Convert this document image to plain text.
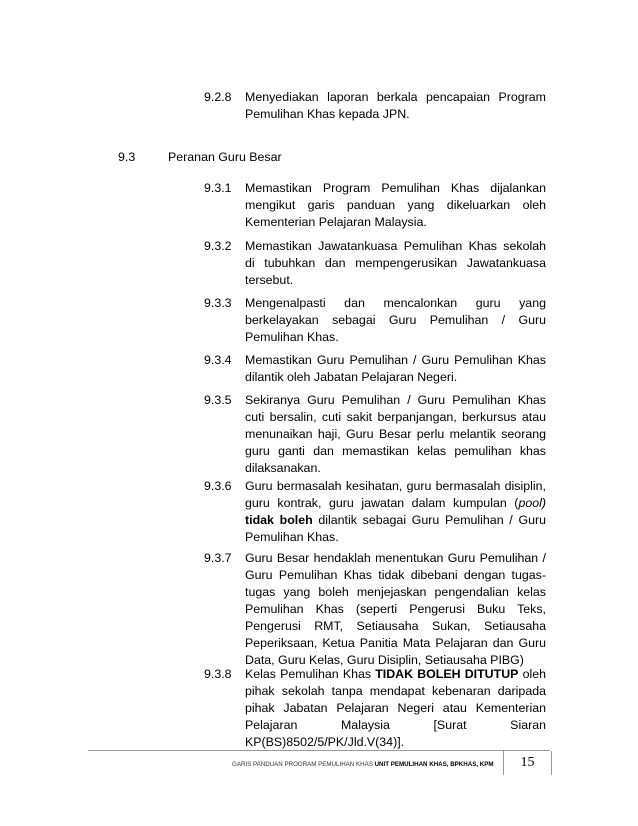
9.2.8 Menyediakan laporan berkala pencapaian Program
Pemulihan Khas kepada JPN.
9.3	Peranan Guru Besar
9.3.1 Memastikan Program Pemulihan Khas dijalankan
mengikut garis panduan yang dikeluarkan oleh
Kementerian Pelajaran Malaysia.
9.3.2 Memastikan Jawatankuasa Pemulihan Khas sekolah
di tubuhkan dan mempengerusikan Jawatankuasa
tersebut.
9.3.3 Mengenalpasti dan mencalonkan guru yang
berkelayakan sebagai Guru Pemulihan / Guru
Pemulihan Khas.
9.3.4 Memastikan Guru Pemulihan / Guru Pemulihan Khas
dilantik oleh Jabatan Pelajaran Negeri.
9.3.5 Sekiranya Guru Pemulihan / Guru Pemulihan Khas
cuti bersalin, cuti sakit berpanjangan, berkursus atau
menunaikan haji, Guru Besar perlu melantik seorang
guru ganti dan memastikan kelas pemulihan khas
dilaksanakan.
9.3.6 Guru bermasalah kesihatan, guru bermasalah disiplin,
guru kontrak, guru jawatan dalam kumpulan (pool)
tidak boleh dilantik sebagai Guru Pemulihan / Guru
Pemulihan Khas.
9.3.7 Guru Besar hendaklah menentukan Guru Pemulihan /
Guru Pemulihan Khas tidak dibebani dengan tugas-
tugas yang boleh menjejaskan pengendalian kelas
Pemulihan Khas (seperti Pengerusi Buku Teks,
Pengerusi RMT, Setiausaha Sukan, Setiausaha
Peperiksaan, Ketua Panitia Mata Pelajaran dan Guru
Data, Guru Kelas, Guru Disiplin, Setiausaha PIBG)
9.3.8 Kelas Pemulihan Khas TIDAK BOLEH DITUTUP oleh
pihak sekolah tanpa mendapat kebenaran daripada
pihak Jabatan Pelajaran Negeri atau Kementerian
Pelajaran Malaysia [Surat Siaran
KP(BS)8502/5/PK/Jld.V(34)].
GARIS PANDUAN PROGRAM PEMULIHAN KHAS UNIT PEMULIHAN KHAS, BPKHAS, KPM	15
